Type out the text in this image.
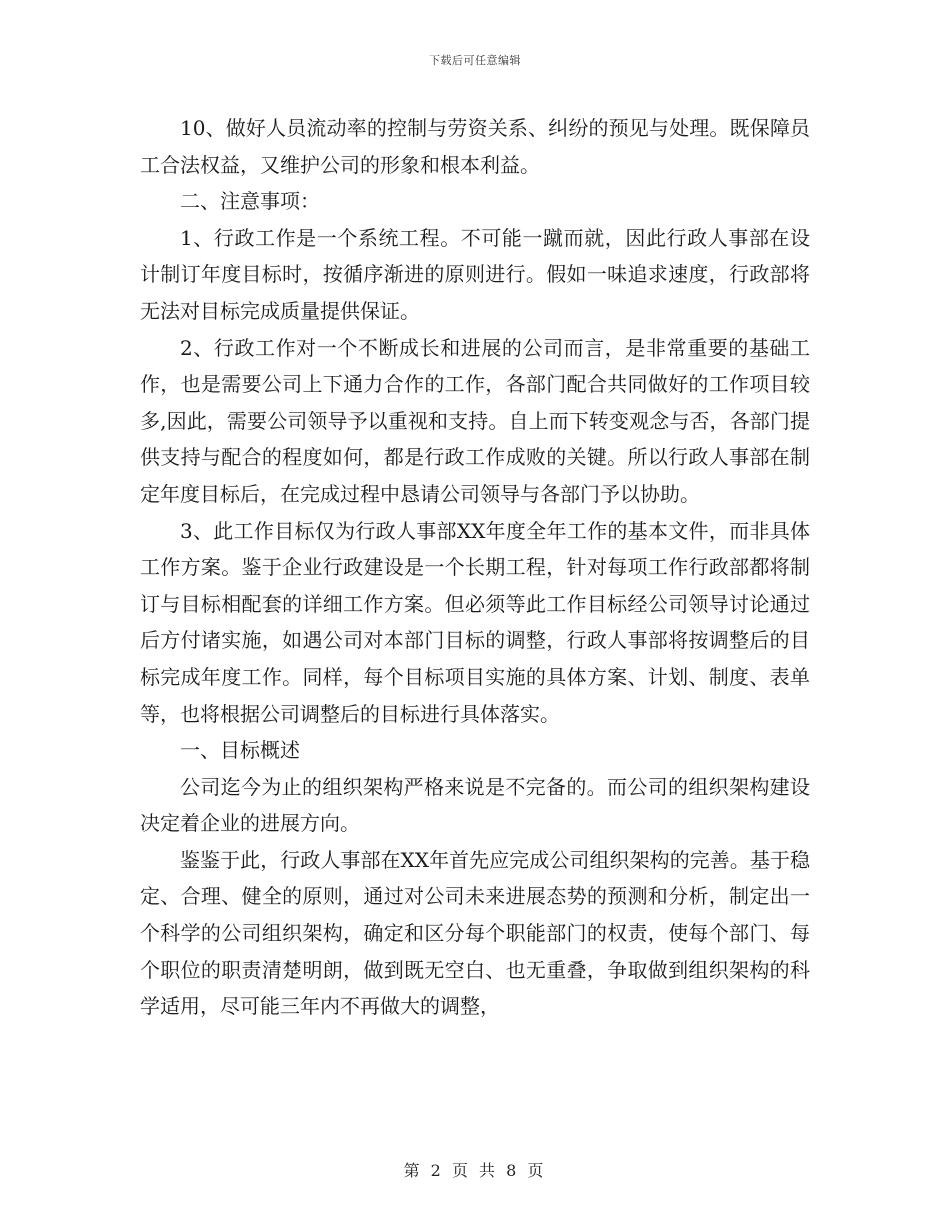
下载后可任意编辑

10、做好人员流动率的控制与劳资关系、纠纷的预见与处理。既保障员工合法权益，又维护公司的形象和根本利益。

二、注意事项：

1、行政工作是一个系统工程。不可能一蹴而就，因此行政人事部在设计制订年度目标时，按循序渐进的原则进行。假如一味追求速度，行政部将无法对目标完成质量提供保证。

2、行政工作对一个不断成长和进展的公司而言，是非常重要的基础工作，也是需要公司上下通力合作的工作，各部门配合共同做好的工作项目较多,因此，需要公司领导予以重视和支持。自上而下转变观念与否，各部门提供支持与配合的程度如何，都是行政工作成败的关键。所以行政人事部在制定年度目标后，在完成过程中恳请公司领导与各部门予以协助。

3、此工作目标仅为行政人事部XX年度全年工作的基本文件，而非具体工作方案。鉴于企业行政建设是一个长期工程，针对每项工作行政部都将制订与目标相配套的详细工作方案。但必须等此工作目标经公司领导讨论通过后方付诸实施，如遇公司对本部门目标的调整，行政人事部将按调整后的目标完成年度工作。同样，每个目标项目实施的具体方案、计划、制度、表单等，也将根据公司调整后的目标进行具体落实。

一、目标概述

公司迄今为止的组织架构严格来说是不完备的。而公司的组织架构建设决定着企业的进展方向。

鉴鉴于此，行政人事部在XX年首先应完成公司组织架构的完善。基于稳定、合理、健全的原则，通过对公司未来进展态势的预测和分析，制定出一个科学的公司组织架构，确定和区分每个职能部门的权责，使每个部门、每个职位的职责清楚明朗，做到既无空白、也无重叠，争取做到组织架构的科学适用，尽可能三年内不再做大的调整，

第 2 页 共 8 页
